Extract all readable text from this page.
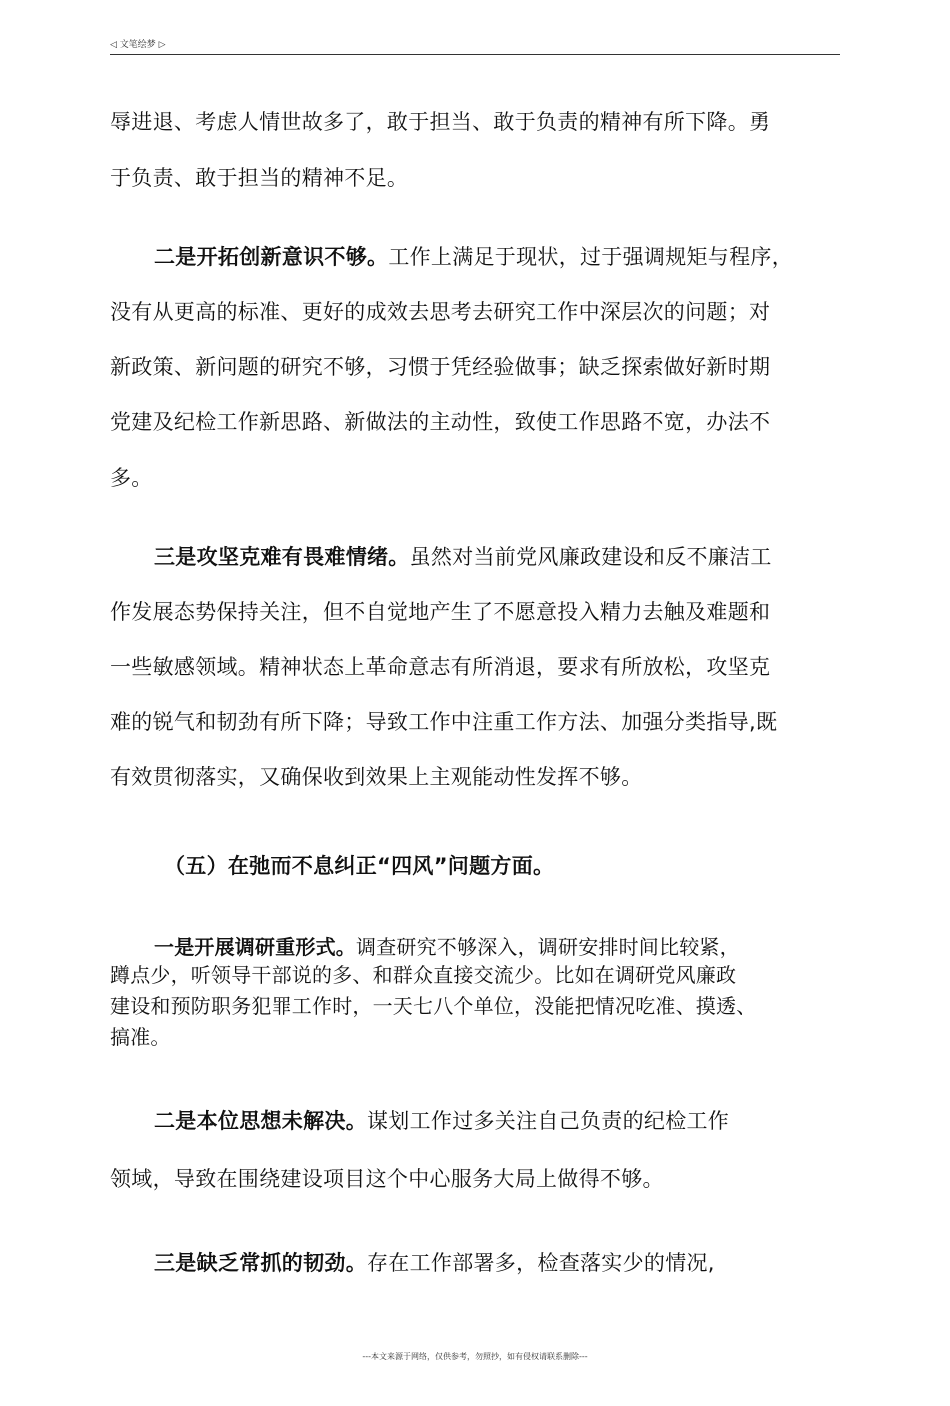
◁ 文笔绘梦 ▷
辱进退、考虑人情世故多了，敢于担当、敢于负责的精神有所下降。勇
于负责、敢于担当的精神不足。
二是开拓创新意识不够。工作上满足于现状，过于强调规矩与程序，
没有从更高的标准、更好的成效去思考去研究工作中深层次的问题；对
新政策、新问题的研究不够，习惯于凭经验做事；缺乏探索做好新时期
党建及纪检工作新思路、新做法的主动性，致使工作思路不宽，办法不
多。
三是攻坚克难有畏难情绪。虽然对当前党风廉政建设和反不廉洁工
作发展态势保持关注，但不自觉地产生了不愿意投入精力去触及难题和
一些敏感领域。精神状态上革命意志有所消退，要求有所放松，攻坚克
难的锐气和韧劲有所下降；导致工作中注重工作方法、加强分类指导,既
有效贯彻落实，又确保收到效果上主观能动性发挥不够。
（五）在弛而不息纠正“四风”问题方面。
一是开展调研重形式。调查研究不够深入，调研安排时间比较紧，
蹲点少，听领导干部说的多、和群众直接交流少。比如在调研党风廉政
建设和预防职务犯罪工作时，一天七八个单位，没能把情况吃准、摸透、
搞准。
二是本位思想未解决。谋划工作过多关注自己负责的纪检工作
领域，导致在围绕建设项目这个中心服务大局上做得不够。
三是缺乏常抓的韧劲。存在工作部署多，检查落实少的情况,
---本文来源于网络，仅供参考，勿照抄，如有侵权请联系删除---
